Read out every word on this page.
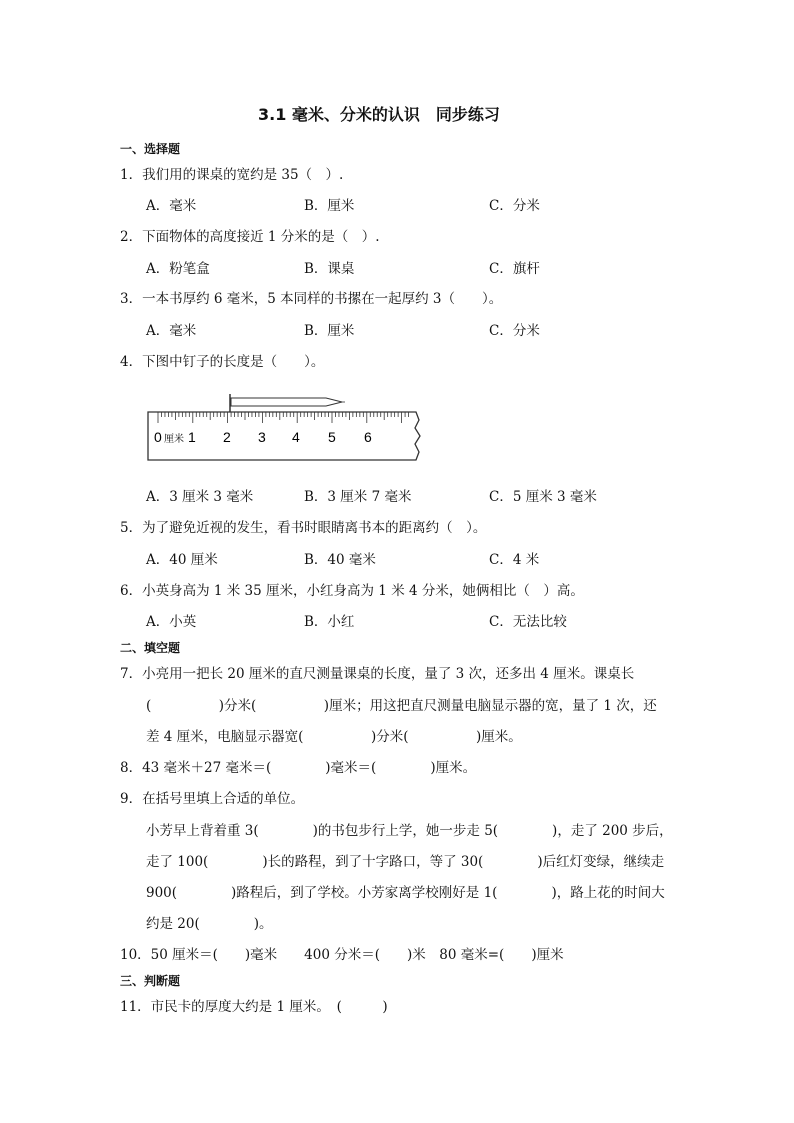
3.1 毫米、分米的认识　同步练习
一、选择题
1．我们用的课桌的宽约是 35（　）.
A．毫米	B．厘米	C．分米
2．下面物体的高度接近 1 分米的是（　）.
A．粉笔盒	B．课桌	C．旗杆
3．一本书厚约 6 毫米，5 本同样的书摞在一起厚约 3（　　）。
A．毫米	B．厘米	C．分米
4．下图中钉子的长度是（　　）。
0 厘米 1 2 3 4 5 6
A．3 厘米 3 毫米	B．3 厘米 7 毫米	C．5 厘米 3 毫米
5．为了避免近视的发生，看书时眼睛离书本的距离约（　）。
A．40 厘米	B．40 毫米	C．4 米
6．小英身高为 1 米 35 厘米，小红身高为 1 米 4 分米，她俩相比（　）高。
A．小英	B．小红	C．无法比较
二、填空题
7．小亮用一把长 20 厘米的直尺测量课桌的长度，量了 3 次，还多出 4 厘米。课桌长
(　　　　　)分米(　　　　　)厘米；用这把直尺测量电脑显示器的宽，量了 1 次，还
差 4 厘米，电脑显示器宽(　　　　　)分米(　　　　　)厘米。
8．43 毫米＋27 毫米＝(　　　　)毫米＝(　　　　)厘米。
9．在括号里填上合适的单位。
小芳早上背着重 3(　　　　)的书包步行上学，她一步走 5(　　　　)，走了 200 步后，
走了 100(　　　　)长的路程，到了十字路口，等了 30(　　　　)后红灯变绿，继续走
900(　　　　)路程后，到了学校。小芳家离学校刚好是 1(　　　　)，路上花的时间大
约是 20(　　　　)。
10．50 厘米＝(　　)毫米　　400 分米＝(　　)米　80 毫米=(　　)厘米
三、判断题
11．市民卡的厚度大约是 1 厘米。　(　　　)
